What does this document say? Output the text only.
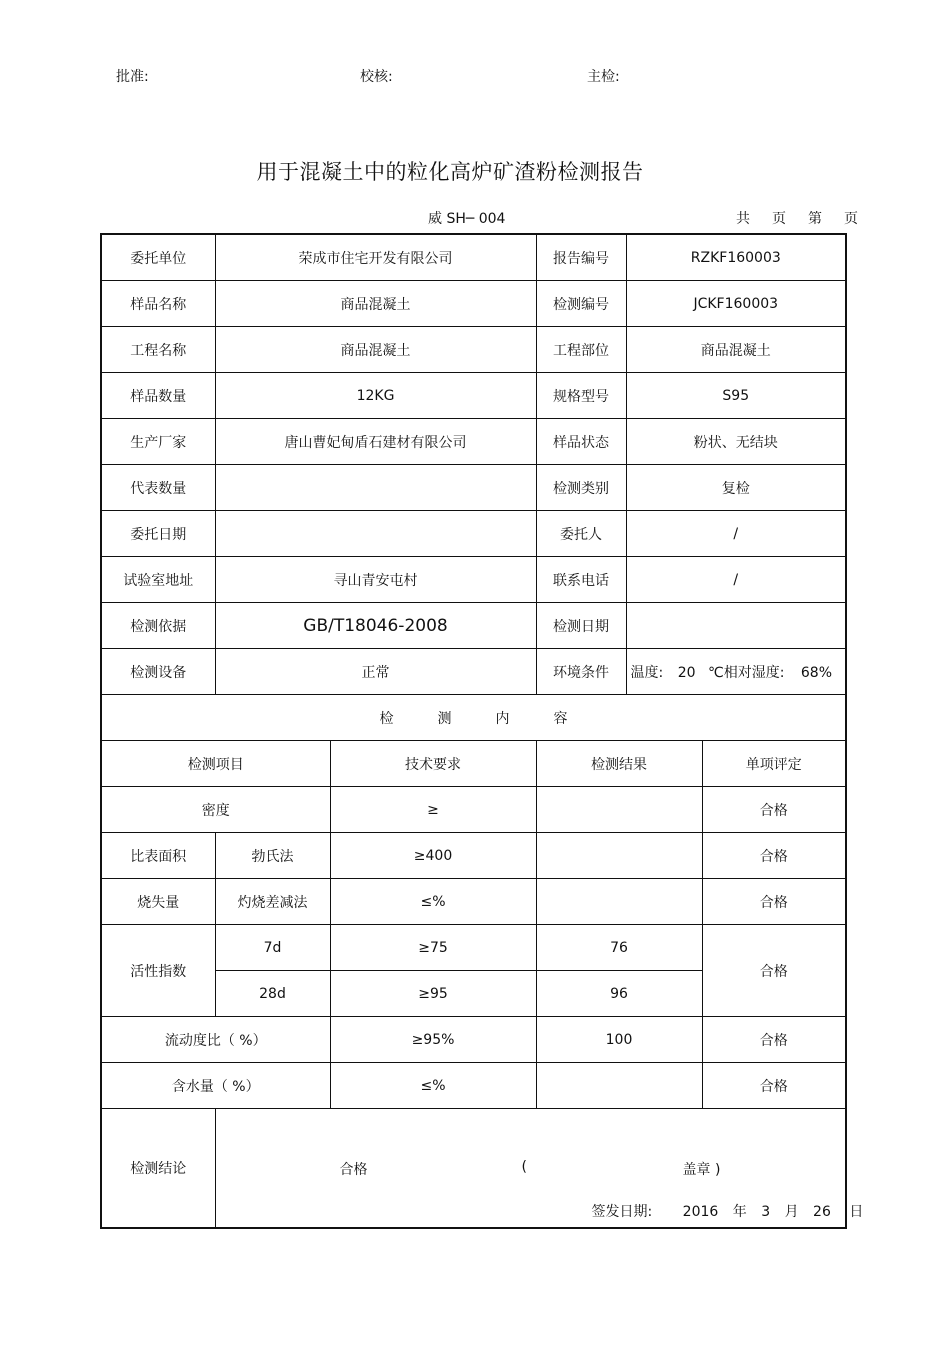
批准:	校核:	主检:
用于混凝土中的粒化高炉矿渣粉检测报告
威 SH─ 004	共 页 第 页
委托单位	荣成市住宅开发有限公司		报告编号	RZKF160003	
样品名称	商品混凝土		检测编号	JCKF160003	
工程名称	商品混凝土		工程部位	商品混凝土	
样品数量	12KG		规格型号	S95	
生产厂家	唐山曹妃甸盾石建材有限公司		样品状态	粉状、无结块	
代表数量			检测类别	复检	
委托日期			委托人	/	
试验室地址	寻山青安屯村		联系电话	/	
检测依据	GB/T18046-2008		检测日期		
检测设备	正常		环境条件	温度: 20 ℃相对湿度: 68%	
检 测 内 容					
检测项目		技术要求	检测结果		单项评定
密度		≥			合格
比表面积	勃氏法	≥400			合格
烧失量	灼烧差减法	≤%			合格
活性指数	7d	≥75	76		合格
	28d	≥95	96		
流动度比（ %）		≥95%	100		合格
含水量（ %）		≤%			合格
检测结论	合格 ( 盖章 )
签发日期: 2016 年 3 月 26 日				
